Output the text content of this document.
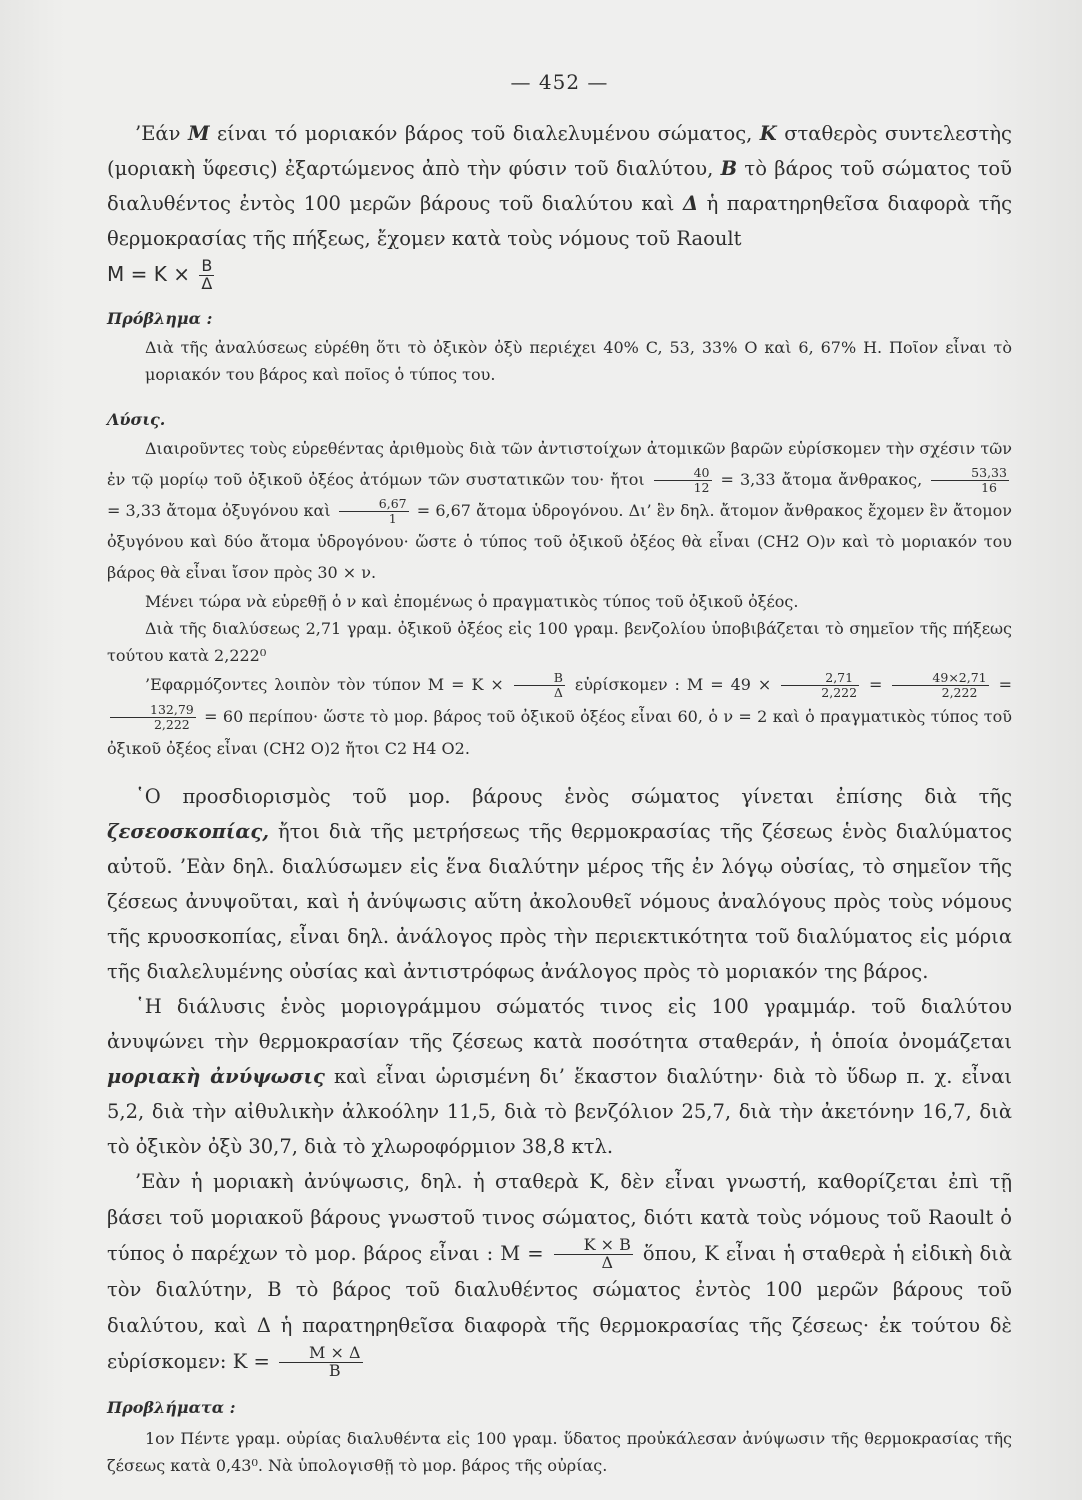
— 452 —

’Εάν M είναι τό μοριακόν βάρος τοῦ διαλελυμένου σώματος, K σταθερὸς συντελεστὴς (μοριακὴ ὕφεσις) ἐξαρτώμενος ἀπὸ τὴν φύσιν τοῦ διαλύτου, B τὸ βάρος τοῦ σώματος τοῦ διαλυθέντος ἐντὸς 100 μερῶν βάρους τοῦ διαλύτου καὶ Δ ἡ παρατηρηθεῖσα διαφορὰ τῆς θερμοκρασίας τῆς πήξεως, ἔχομεν κατὰ τοὺς νόμους τοῦ Raoult

$M = K \times \frac{B}{\Delta}$
Πρόβλημα :

Διὰ τῆς ἀναλύσεως εὑρέθη ὅτι τὸ ὀξικὸν ὀξὺ περιέχει 40% C, 53, 33% O καὶ 6, 67% H. Ποῖον εἶναι τὸ μοριακόν του βάρος καὶ ποῖος ὁ τύπος του.

Λύσις.

Διαιροῦντες τοὺς εὑρεθέντας ἀριθμοὺς διὰ τῶν ἀντιστοίχων ἀτομικῶν βαρῶν εὑρίσκομεν τὴν σχέσιν τῶν ἐν τῷ μορίῳ τοῦ ὀξικοῦ ὀξέος ἀτόμων τῶν συστατικῶν του· ἤτοι $\frac{40}{12} = 3,33$ ἄτομα ἄνθρακος, $\frac{53,33}{16}$
= 3,33 ἄτομα ὀξυγόνου καὶ $\frac{6,67}{1} = 6,67$ ἄτομα ὑδρογόνου. Δι’ ἓν δηλ. ἄτομον ἄνθρακος ἔχομεν ἓν ἄτομον ὀξυγόνου καὶ δύο ἄτομα ὑδρογόνου· ὥστε ὁ τύπος τοῦ ὀξικοῦ ὀξέος θὰ εἶναι (CH2 O)ν καὶ τὸ μοριακόν του βάρος θὰ εἶναι ἴσον πρὸς 30 × ν.

Μένει τώρα νὰ εὑρεθῇ ὁ ν καὶ ἐπομένως ὁ πραγματικὸς τύπος τοῦ ὀξικοῦ ὀξέος.

Διὰ τῆς διαλύσεως 2,71 γραμ. ὀξικοῦ ὀξέος εἰς 100 γραμ. βενζολίου ὑποβιβάζεται τὸ σημεῖον τῆς πήξεως τούτου κατὰ 2,222⁰

’Εφαρμόζοντες λοιπὸν τὸν τύπον $M = K \times \frac{B}{\Delta}$ εὑρίσκομεν : $M = 49 \times \frac{2,71}{2,222} = \frac{49\times 2,71}{2,222}$ =
$\frac{132,79}{2,222} = 60$ περίπου· ὥστε τὸ μορ. βάρος τοῦ ὀξικοῦ ὀξέος εἶναι 60, ὁ ν = 2 καὶ ὁ πραγματικὸς τύπος τοῦ ὀξικοῦ ὀξέος εἶναι (CH2 O)2 ἤτοι C2 H4 O2.

῾Ο προσδιορισμὸς τοῦ μορ. βάρους ἑνὸς σώματος γίνεται ἐπίσης διὰ τῆς ζεσεοσκοπίας, ἤτοι διὰ τῆς μετρήσεως τῆς θερμοκρασίας τῆς ζέσεως ἑνὸς διαλύματος αὐτοῦ. ’Εὰν δηλ. διαλύσωμεν εἰς ἕνα διαλύτην μέρος τῆς ἐν λόγῳ οὐσίας, τὸ σημεῖον τῆς ζέσεως ἀνυψοῦται, καὶ ἡ ἀνύψωσις αὕτη ἀκολουθεῖ νόμους ἀναλόγους πρὸς τοὺς νόμους τῆς κρυοσκοπίας, εἶναι δηλ. ἀνάλογος πρὸς τὴν περιεκτικότητα τοῦ διαλύματος εἰς μόρια τῆς διαλελυμένης οὐσίας καὶ ἀντιστρόφως ἀνάλογος πρὸς τὸ μοριακόν της βάρος.

῾Η διάλυσις ἑνὸς μοριογράμμου σώματός τινος εἰς 100 γραμμάρ. τοῦ διαλύτου ἀνυψώνει τὴν θερμοκρασίαν τῆς ζέσεως κατὰ ποσότητα σταθεράν, ἡ ὁποία ὀνομάζεται μοριακὴ ἀνύψωσις καὶ εἶναι ὡρισμένη δι’ ἕκαστον διαλύτην· διὰ τὸ ὕδωρ π. χ. εἶναι 5,2, διὰ τὴν αἰθυλικὴν ἀλκοόλην 11,5, διὰ τὸ βενζόλιον 25,7, διὰ τὴν ἀκετόνην 16,7, διὰ τὸ ὀξικὸν ὀξὺ 30,7, διὰ τὸ χλωροφόρμιον 38,8 κτλ.

’Εὰν ἡ μοριακὴ ἀνύψωσις, δηλ. ἡ σταθερὰ Κ, δὲν εἶναι γνωστή, καθορίζεται ἐπὶ τῇ βάσει τοῦ μοριακοῦ βάρους γνωστοῦ τινος σώματος, διότι κατὰ τοὺς νόμους τοῦ Raoult ὁ τύπος ὁ παρέχων τὸ μορ. βάρος εἶναι : $M = \frac{K \times B}{\Delta}$ ὅπου, K εἶναι ἡ σταθερὰ ἡ εἰδικὴ διὰ τὸν διαλύτην, B τὸ βάρος τοῦ διαλυθέντος σώματος ἐντὸς 100 μερῶν βάρους τοῦ διαλύτου, καὶ Δ ἡ παρατηρηθεῖσα διαφορὰ τῆς θερμοκρασίας τῆς ζέσεως· ἐκ τούτου δὲ εὑρίσκομεν: $K = \frac{M \times \Delta}{B}$

Προβλήματα :

1ον Πέντε γραμ. οὐρίας διαλυθέντα εἰς 100 γραμ. ὕδατος προὐκάλεσαν ἀνύψωσιν τῆς θερμοκρασίας τῆς ζέσεως κατὰ 0,43⁰. Νὰ ὑπολογισθῇ τὸ μορ. βάρος τῆς οὐρίας.
